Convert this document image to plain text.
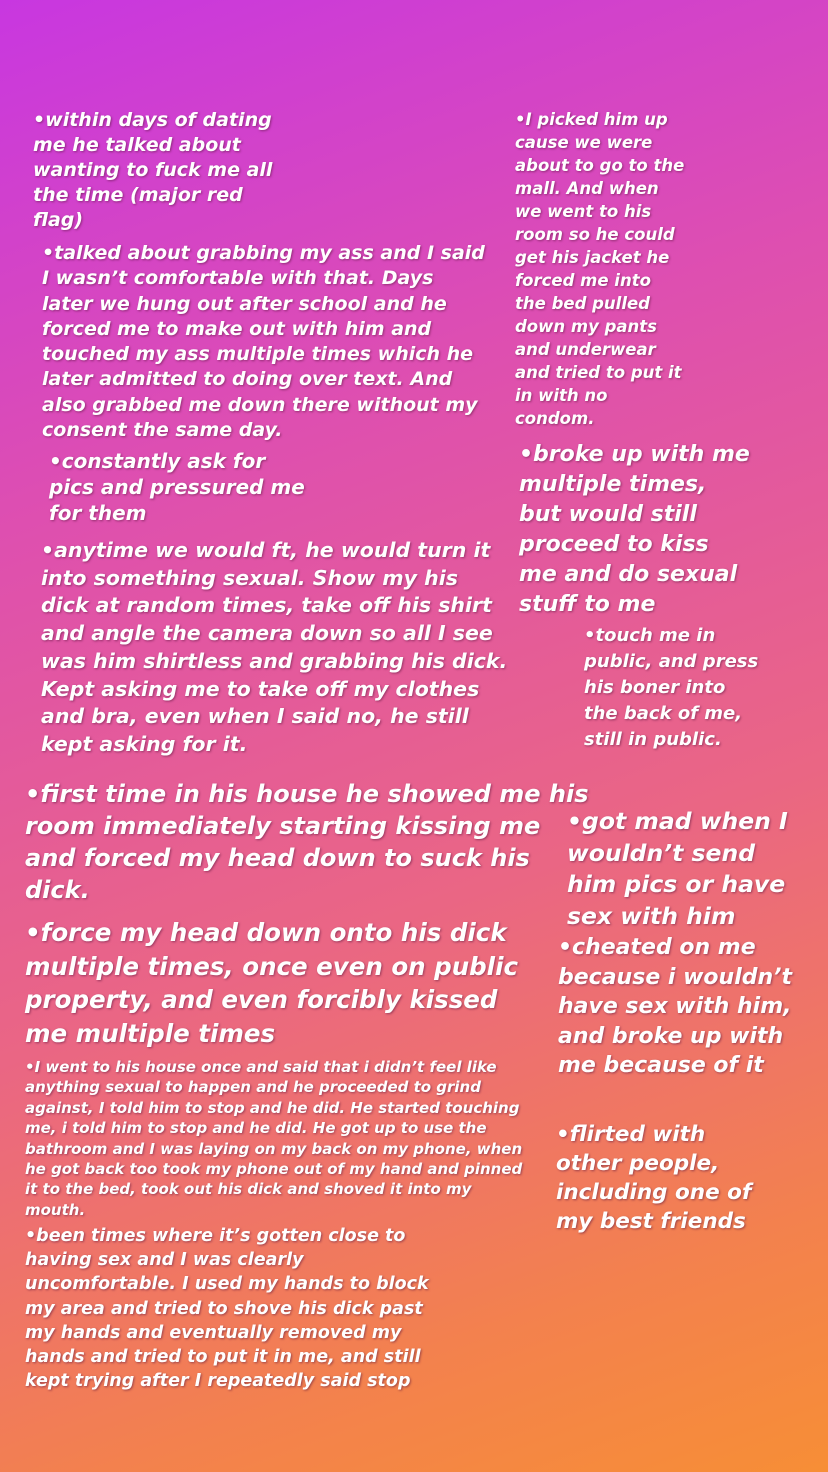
•within days of dating me he talked about wanting to fuck me all the time (major red flag)

•I picked him up cause we were about to go to the mall. And when we went to his room so he could get his jacket he forced me into the bed pulled down my pants and underwear and tried to put it in with no condom.

•talked about grabbing my ass and I said I wasn’t comfortable with that. Days later we hung out after school and he forced me to make out with him and touched my ass multiple times which he later admitted to doing over text. And also grabbed me down there without my consent the same day.

•constantly ask for pics and pressured me for them

•broke up with me multiple times, but would still proceed to kiss me and do sexual stuff to me

•anytime we would ft, he would turn it into something sexual. Show my his dick at random times, take off his shirt and angle the camera down so all I see was him shirtless and grabbing his dick. Kept asking me to take off my clothes and bra, even when I said no, he still kept asking for it.

•touch me in public, and press his boner into the back of me, still in public.

•first time in his house he showed me his room immediately starting kissing me and forced my head down to suck his dick.

•got mad when I wouldn’t send him pics or have sex with him

•force my head down onto his dick multiple times, once even on public property, and even forcibly kissed me multiple times

•cheated on me because i wouldn’t have sex with him, and broke up with me because of it

•I went to his house once and said that i didn’t feel like anything sexual to happen and he proceeded to grind against, I told him to stop and he did. He started touching me, i told him to stop and he did. He got up to use the bathroom and I was laying on my back on my phone, when he got back too took my phone out of my hand and pinned it to the bed, took out his dick and shoved it into my mouth.

•flirted with other people, including one of my best friends

•been times where it’s gotten close to having sex and I was clearly uncomfortable. I used my hands to block my area and tried to shove his dick past my hands and eventually removed my hands and tried to put it in me, and still kept trying after I repeatedly said stop
